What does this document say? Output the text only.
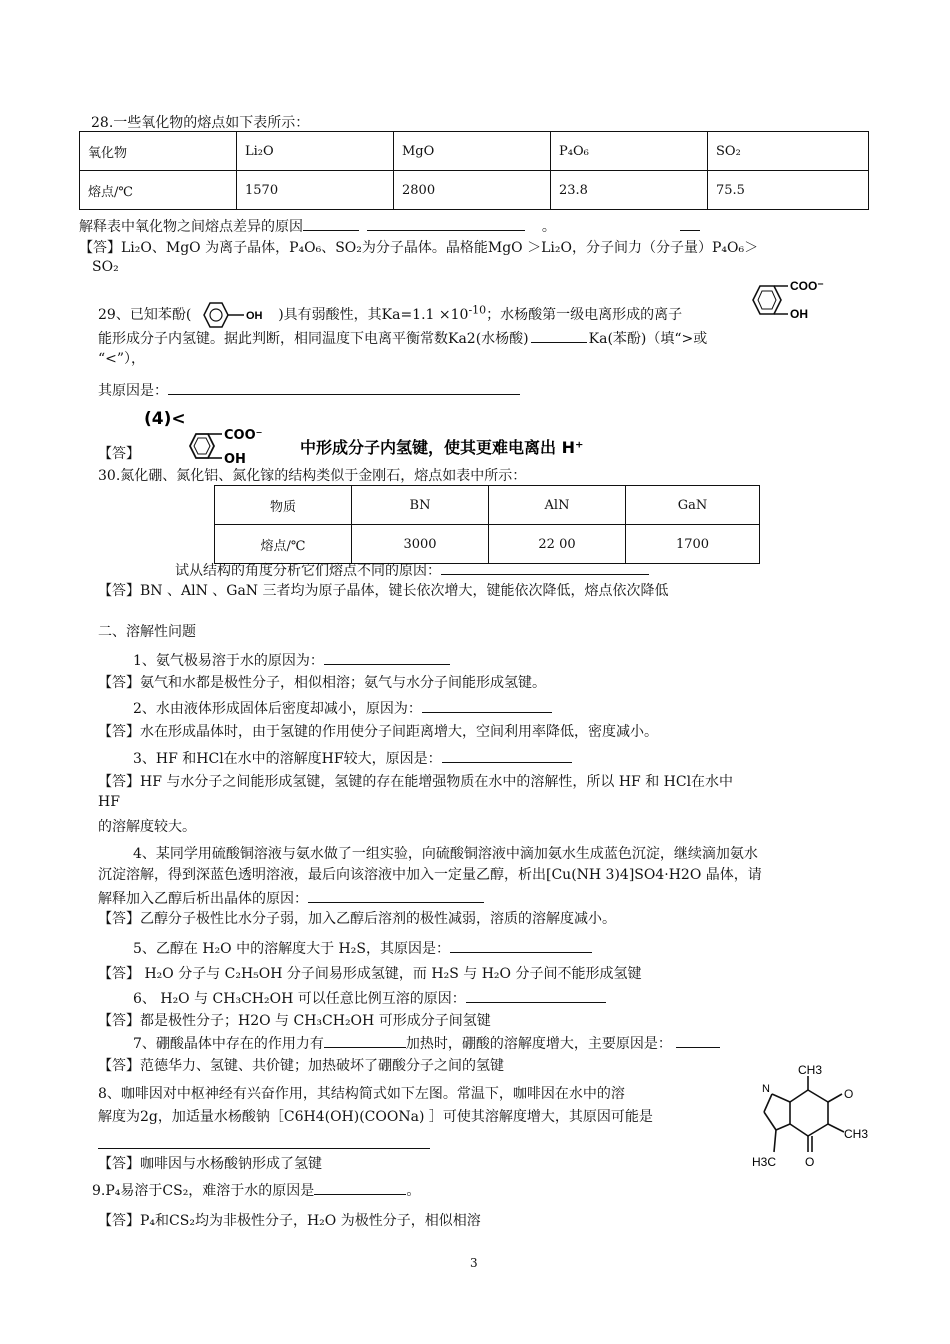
28.一些氧化物的熔点如下表所示：
氧化物	Li₂O	MgO	P₄O₆	SO₂
熔点/℃	1570	2800	23.8	75.5
解释表中氧化物之间熔点差异的原因	。
【答】Li₂O、MgO 为离子晶体，P₄O₆、SO₂为分子晶体。晶格能MgO ＞Li₂O，分子间力（分子量）P₄O₆＞
SO₂
29、已知苯酚(	OH )具有弱酸性，其$Ka=1.1 \times 10^{-10}$；水杨酸第一级电离形成的离子
COO⁻
OH
能形成分子内氢键。据此判断，相同温度下电离平衡常数Ka2(水杨酸)	Ka(苯酚)（填“>或
“<”），
其原因是：
(4)<
COO⁻
OH
中形成分子内氢键，使其更难电离出 H⁺
【答】
30.氮化硼、氮化铝、氮化镓的结构类似于金刚石，熔点如表中所示：
物质	BN	AlN	GaN
熔点/℃	3000	22 00	1700
试从结构的角度分析它们熔点不同的原因：
【答】BN 、AlN 、GaN 三者均为原子晶体，键长依次增大，键能依次降低，熔点依次降低
二、溶解性问题
1、氨气极易溶于水的原因为：
【答】氨气和水都是极性分子，相似相溶；氨气与水分子间能形成氢键。
2、水由液体形成固体后密度却减小，原因为：
【答】水在形成晶体时，由于氢键的作用使分子间距离增大，空间利用率降低，密度减小。
3、HF 和HCl在水中的溶解度HF较大，原因是：
【答】HF 与水分子之间能形成氢键，氢键的存在能增强物质在水中的溶解性，所以 HF 和 HCl在水中
HF
的溶解度较大。
4、某同学用硫酸铜溶液与氨水做了一组实验，向硫酸铜溶液中滴加氨水生成蓝色沉淀，继续滴加氨水
沉淀溶解，得到深蓝色透明溶液，最后向该溶液中加入一定量乙醇，析出[Cu(NH 3)4]SO4·H2O 晶体，请
解释加入乙醇后析出晶体的原因：
【答】乙醇分子极性比水分子弱，加入乙醇后溶剂的极性减弱，溶质的溶解度减小。
5、乙醇在 H₂O 中的溶解度大于 H₂S，其原因是：
【答】 H₂O 分子与 C₂H₅OH 分子间易形成氢键，而 H₂S 与 H₂O 分子间不能形成氢键
6、 H₂O 与 CH₃CH₂OH 可以任意比例互溶的原因：
【答】都是极性分子；H2O 与 CH₃CH₂OH 可形成分子间氢键
7、硼酸晶体中存在的作用力有	加热时，硼酸的溶解度增大，主要原因是：
【答】范德华力、氢键、共价键；加热破坏了硼酸分子之间的氢键
8、咖啡因对中枢神经有兴奋作用，其结构简式如下左图。常温下，咖啡因在水中的溶
解度为2g，加适量水杨酸钠［C6H4(OH)(COONa) ］可使其溶解度增大，其原因可能是
【答】咖啡因与水杨酸钠形成了氢键
CH3
O
CH3
O
H3C
N
9.P₄易溶于CS₂，难溶于水的原因是	。
【答】P₄和CS₂均为非极性分子，H₂O 为极性分子，相似相溶
3
